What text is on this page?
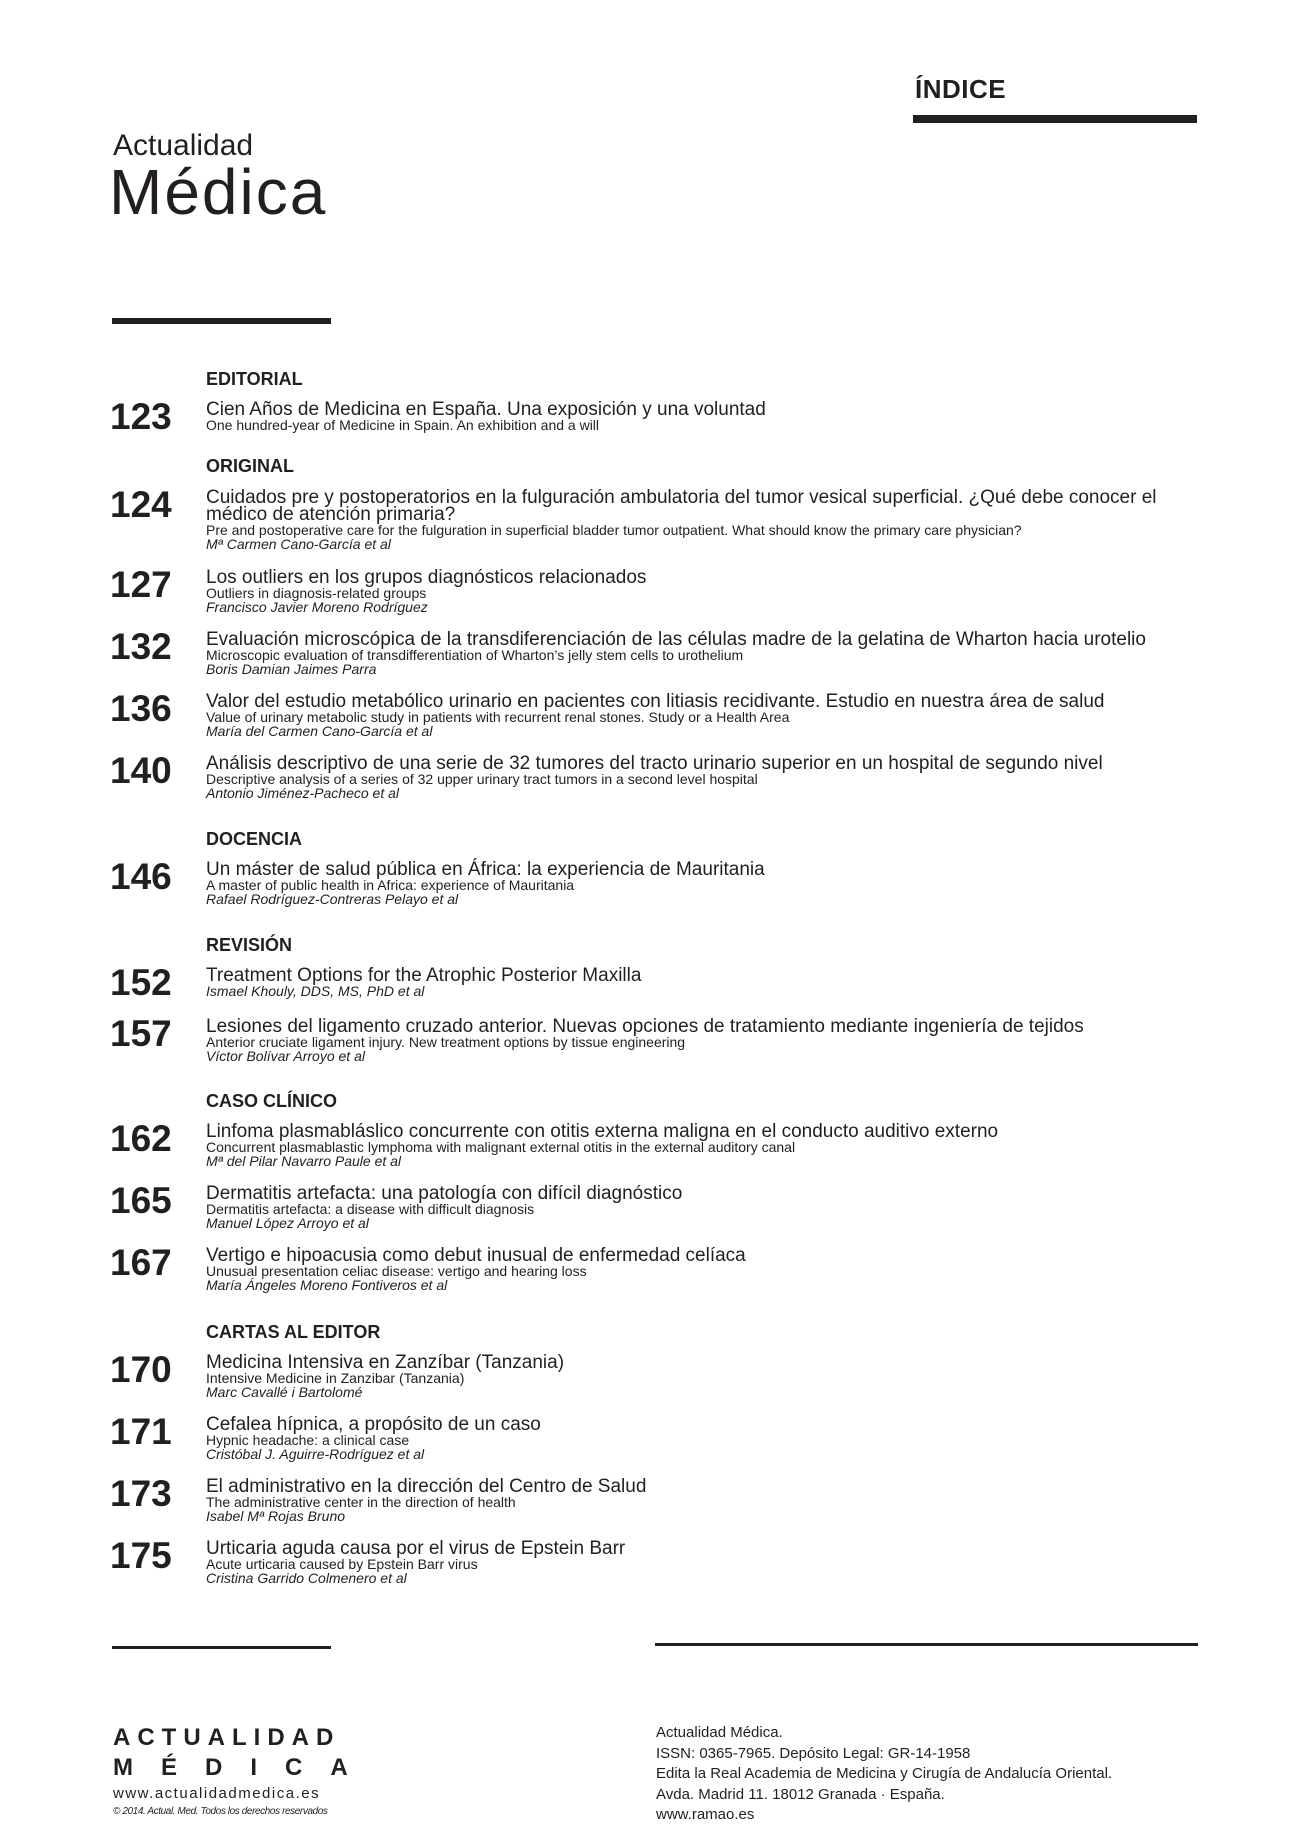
ÍNDICE
Actualidad
Médica
EDITORIAL
ORIGINAL
DOCENCIA
REVISIÓN
CASO CLÍNICO
CARTAS AL EDITOR
123 Cien Años de Medicina en España. Una exposición y una voluntad
One hundred-year of Medicine in Spain. An exhibition and a will
124 Cuidados pre y postoperatorios en la fulguración ambulatoria del tumor vesical superficial. ¿Qué debe conocer el médico de atención primaria?
Pre and postoperative care for the fulguration in superficial bladder tumor outpatient. What should know the primary care physician?
Mª Carmen Cano-García et al
127 Los outliers en los grupos diagnósticos relacionados
Outliers in diagnosis-related groups
Francisco Javier Moreno Rodríguez
132 Evaluación microscópica de la transdiferenciación de las células madre de la gelatina de Wharton hacia urotelio
Microscopic evaluation of transdifferentiation of Wharton’s jelly stem cells to urothelium
Boris Damian Jaimes Parra
136 Valor del estudio metabólico urinario en pacientes con litiasis recidivante. Estudio en nuestra área de salud
Value of urinary metabolic study in patients with recurrent renal stones. Study or a Health Area
María del Carmen Cano-García et al
140 Análisis descriptivo de una serie de 32 tumores del tracto urinario superior en un hospital de segundo nivel
Descriptive analysis of a series of 32 upper urinary tract tumors in a second level hospital
Antonio Jiménez-Pacheco et al
146 Un máster de salud pública en África: la experiencia de Mauritania
A master of public health in Africa: experience of Mauritania
Rafael Rodríguez-Contreras Pelayo et al
152 Treatment Options for the Atrophic Posterior Maxilla
Ismael Khouly, DDS, MS, PhD et al
157 Lesiones del ligamento cruzado anterior. Nuevas opciones de tratamiento mediante ingeniería de tejidos
Anterior cruciate ligament injury. New treatment options by tissue engineering
Víctor Bolívar Arroyo et al
162 Linfoma plasmabláslico concurrente con otitis externa maligna en el conducto auditivo externo
Concurrent plasmablastic lymphoma with malignant external otitis in the external auditory canal
Mª del Pilar Navarro Paule et al
165 Dermatitis artefacta: una patología con difícil diagnóstico
Dermatitis artefacta: a disease with difficult diagnosis
Manuel López Arroyo et al
167 Vertigo e hipoacusia como debut inusual de enfermedad celíaca
Unusual presentation celiac disease: vertigo and hearing loss
María Ángeles Moreno Fontiveros et al
170 Medicina Intensiva en Zanzíbar (Tanzania)
Intensive Medicine in Zanzibar (Tanzania)
Marc Cavallé i Bartolomé
171 Cefalea hípnica, a propósito de un caso
Hypnic headache: a clinical case
Cristóbal J. Aguirre-Rodríguez et al
173 El administrativo en la dirección del Centro de Salud
The administrative center in the direction of health
Isabel Mª Rojas Bruno
175 Urticaria aguda causa por el virus de Epstein Barr
Acute urticaria caused by Epstein Barr virus
Cristina Garrido Colmenero et al
ACTUALIDAD
MÉDICA
www.actualidadmedica.es
© 2014. Actual. Med. Todos los derechos reservados
Actualidad Médica.
ISSN: 0365-7965. Depósito Legal: GR-14-1958
Edita la Real Academia de Medicina y Cirugía de Andalucía Oriental.
Avda. Madrid 11. 18012 Granada · España.
www.ramao.es
